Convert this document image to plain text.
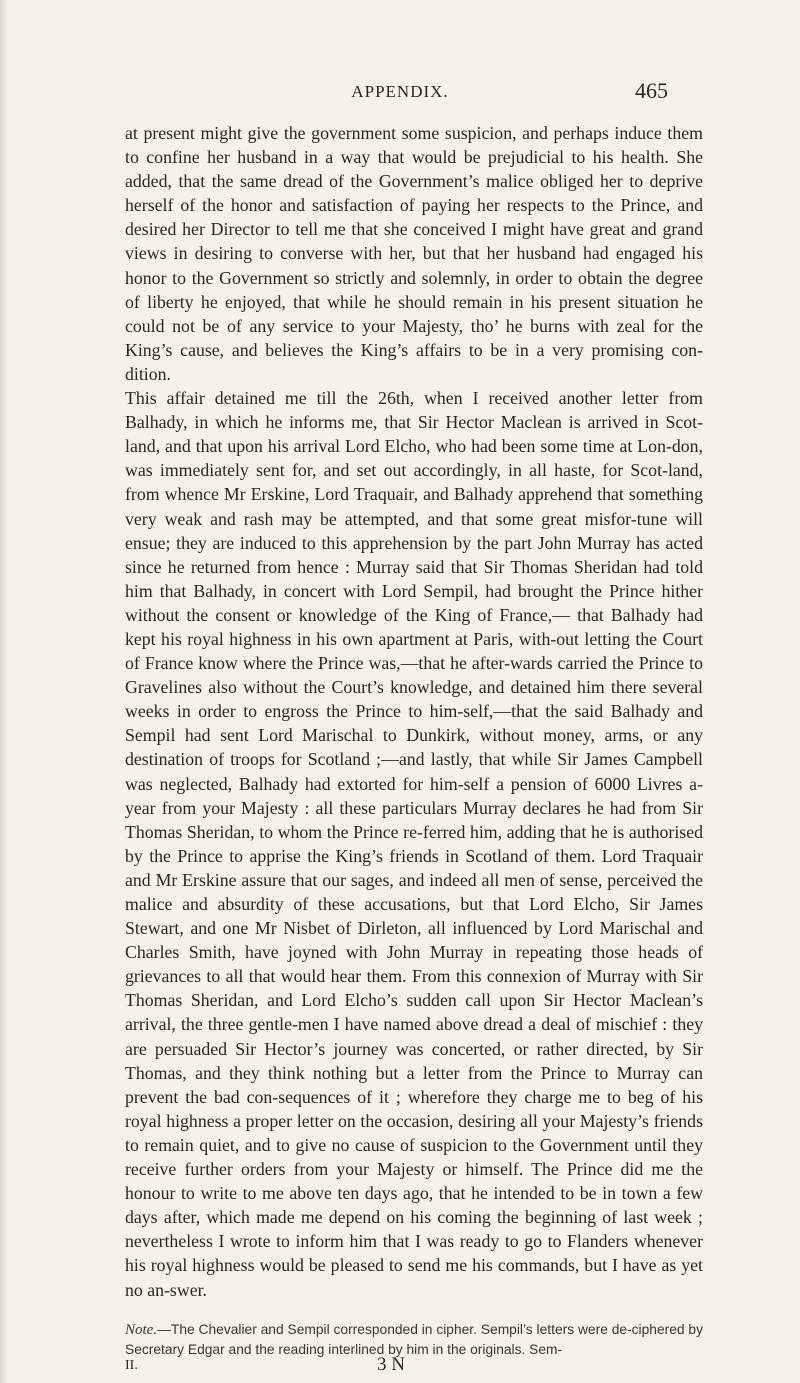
APPENDIX.	465

at present might give the government some suspicion, and perhaps induce them to confine her husband in a way that would be prejudicial to his health. She added, that the same dread of the Government’s malice obliged her to deprive herself of the honor and satisfaction of paying her respects to the Prince, and desired her Director to tell me that she conceived I might have great and grand views in desiring to converse with her, but that her husband had engaged his honor to the Government so strictly and solemnly, in order to obtain the degree of liberty he enjoyed, that while he should remain in his present situation he could not be of any service to your Majesty, tho’ he burns with zeal for the King’s cause, and believes the King’s affairs to be in a very promising con-dition.

This affair detained me till the 26th, when I received another letter from Balhady, in which he informs me, that Sir Hector Maclean is arrived in Scot-land, and that upon his arrival Lord Elcho, who had been some time at Lon-don, was immediately sent for, and set out accordingly, in all haste, for Scot-land, from whence Mr Erskine, Lord Traquair, and Balhady apprehend that something very weak and rash may be attempted, and that some great misfor-tune will ensue; they are induced to this apprehension by the part John Murray has acted since he returned from hence : Murray said that Sir Thomas Sheridan had told him that Balhady, in concert with Lord Sempil, had brought the Prince hither without the consent or knowledge of the King of France,— that Balhady had kept his royal highness in his own apartment at Paris, with-out letting the Court of France know where the Prince was,—that he after-wards carried the Prince to Gravelines also without the Court’s knowledge, and detained him there several weeks in order to engross the Prince to him-self,—that the said Balhady and Sempil had sent Lord Marischal to Dunkirk, without money, arms, or any destination of troops for Scotland ;—and lastly, that while Sir James Campbell was neglected, Balhady had extorted for him-self a pension of 6000 Livres a-year from your Majesty : all these particulars Murray declares he had from Sir Thomas Sheridan, to whom the Prince re-ferred him, adding that he is authorised by the Prince to apprise the King’s friends in Scotland of them. Lord Traquair and Mr Erskine assure that our sages, and indeed all men of sense, perceived the malice and absurdity of these accusations, but that Lord Elcho, Sir James Stewart, and one Mr Nisbet of Dirleton, all influenced by Lord Marischal and Charles Smith, have joyned with John Murray in repeating those heads of grievances to all that would hear them. From this connexion of Murray with Sir Thomas Sheridan, and Lord Elcho’s sudden call upon Sir Hector Maclean’s arrival, the three gentle-men I have named above dread a deal of mischief : they are persuaded Sir Hector’s journey was concerted, or rather directed, by Sir Thomas, and they think nothing but a letter from the Prince to Murray can prevent the bad con-sequences of it ; wherefore they charge me to beg of his royal highness a proper letter on the occasion, desiring all your Majesty’s friends to remain quiet, and to give no cause of suspicion to the Government until they receive further orders from your Majesty or himself. The Prince did me the honour to write to me above ten days ago, that he intended to be in town a few days after, which made me depend on his coming the beginning of last week ; nevertheless I wrote to inform him that I was ready to go to Flanders whenever his royal highness would be pleased to send me his commands, but I have as yet no an-swer.

Note.—The Chevalier and Sempil corresponded in cipher. Sempil’s letters were de-ciphered by Secretary Edgar and the reading interlined by him in the originals. Sem-
II.	3 N
